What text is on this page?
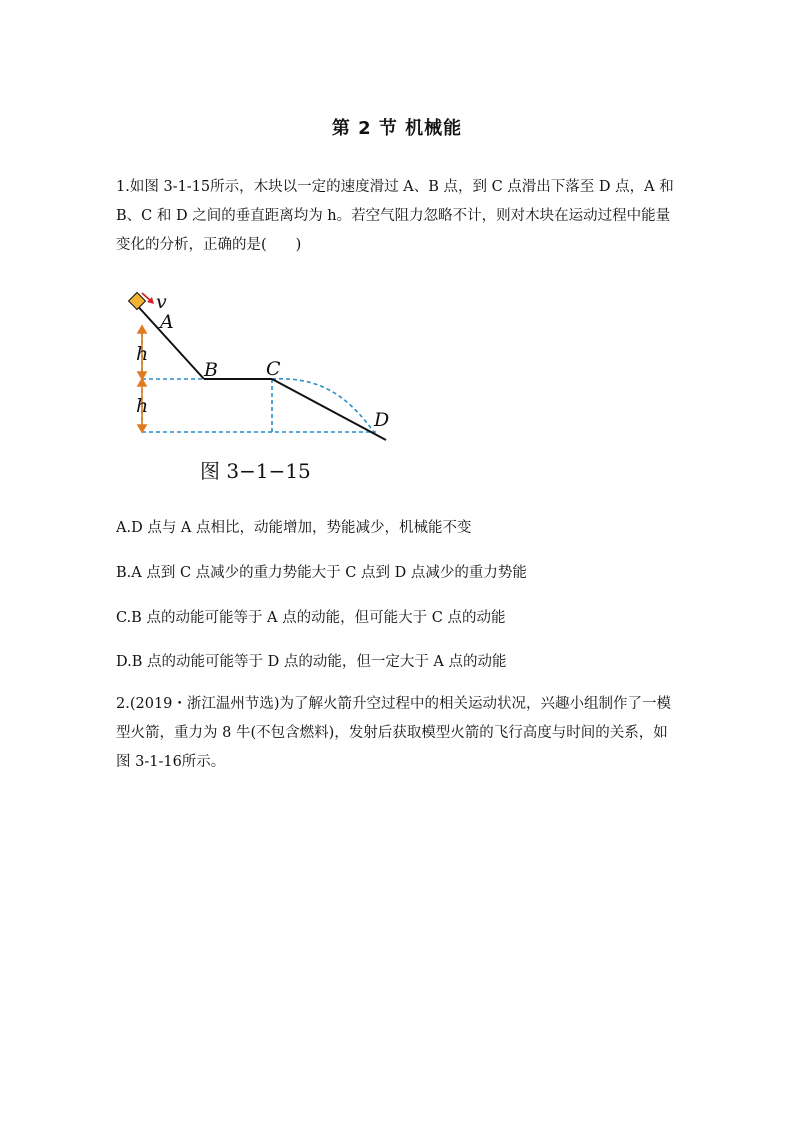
第 2 节 机械能
1.如图 3-1-15所示，木块以一定的速度滑过 A、B 点，到 C 点滑出下落至 D 点，A 和 B、C 和 D 之间的垂直距离均为 h。若空气阻力忽略不计，则对木块在运动过程中能量变化的分析，正确的是(　　)
v
A
B	C
D
h
h
图 3−1−15
A.D 点与 A 点相比，动能增加，势能减少，机械能不变
B.A 点到 C 点减少的重力势能大于 C 点到 D 点减少的重力势能
C.B 点的动能可能等于 A 点的动能，但可能大于 C 点的动能
D.B 点的动能可能等于 D 点的动能，但一定大于 A 点的动能
2.(2019・浙江温州节选)为了解火箭升空过程中的相关运动状况，兴趣小组制作了一模型火箭，重力为 8 牛(不包含燃料)，发射后获取模型火箭的飞行高度与时间的关系，如图 3-1-16所示。
